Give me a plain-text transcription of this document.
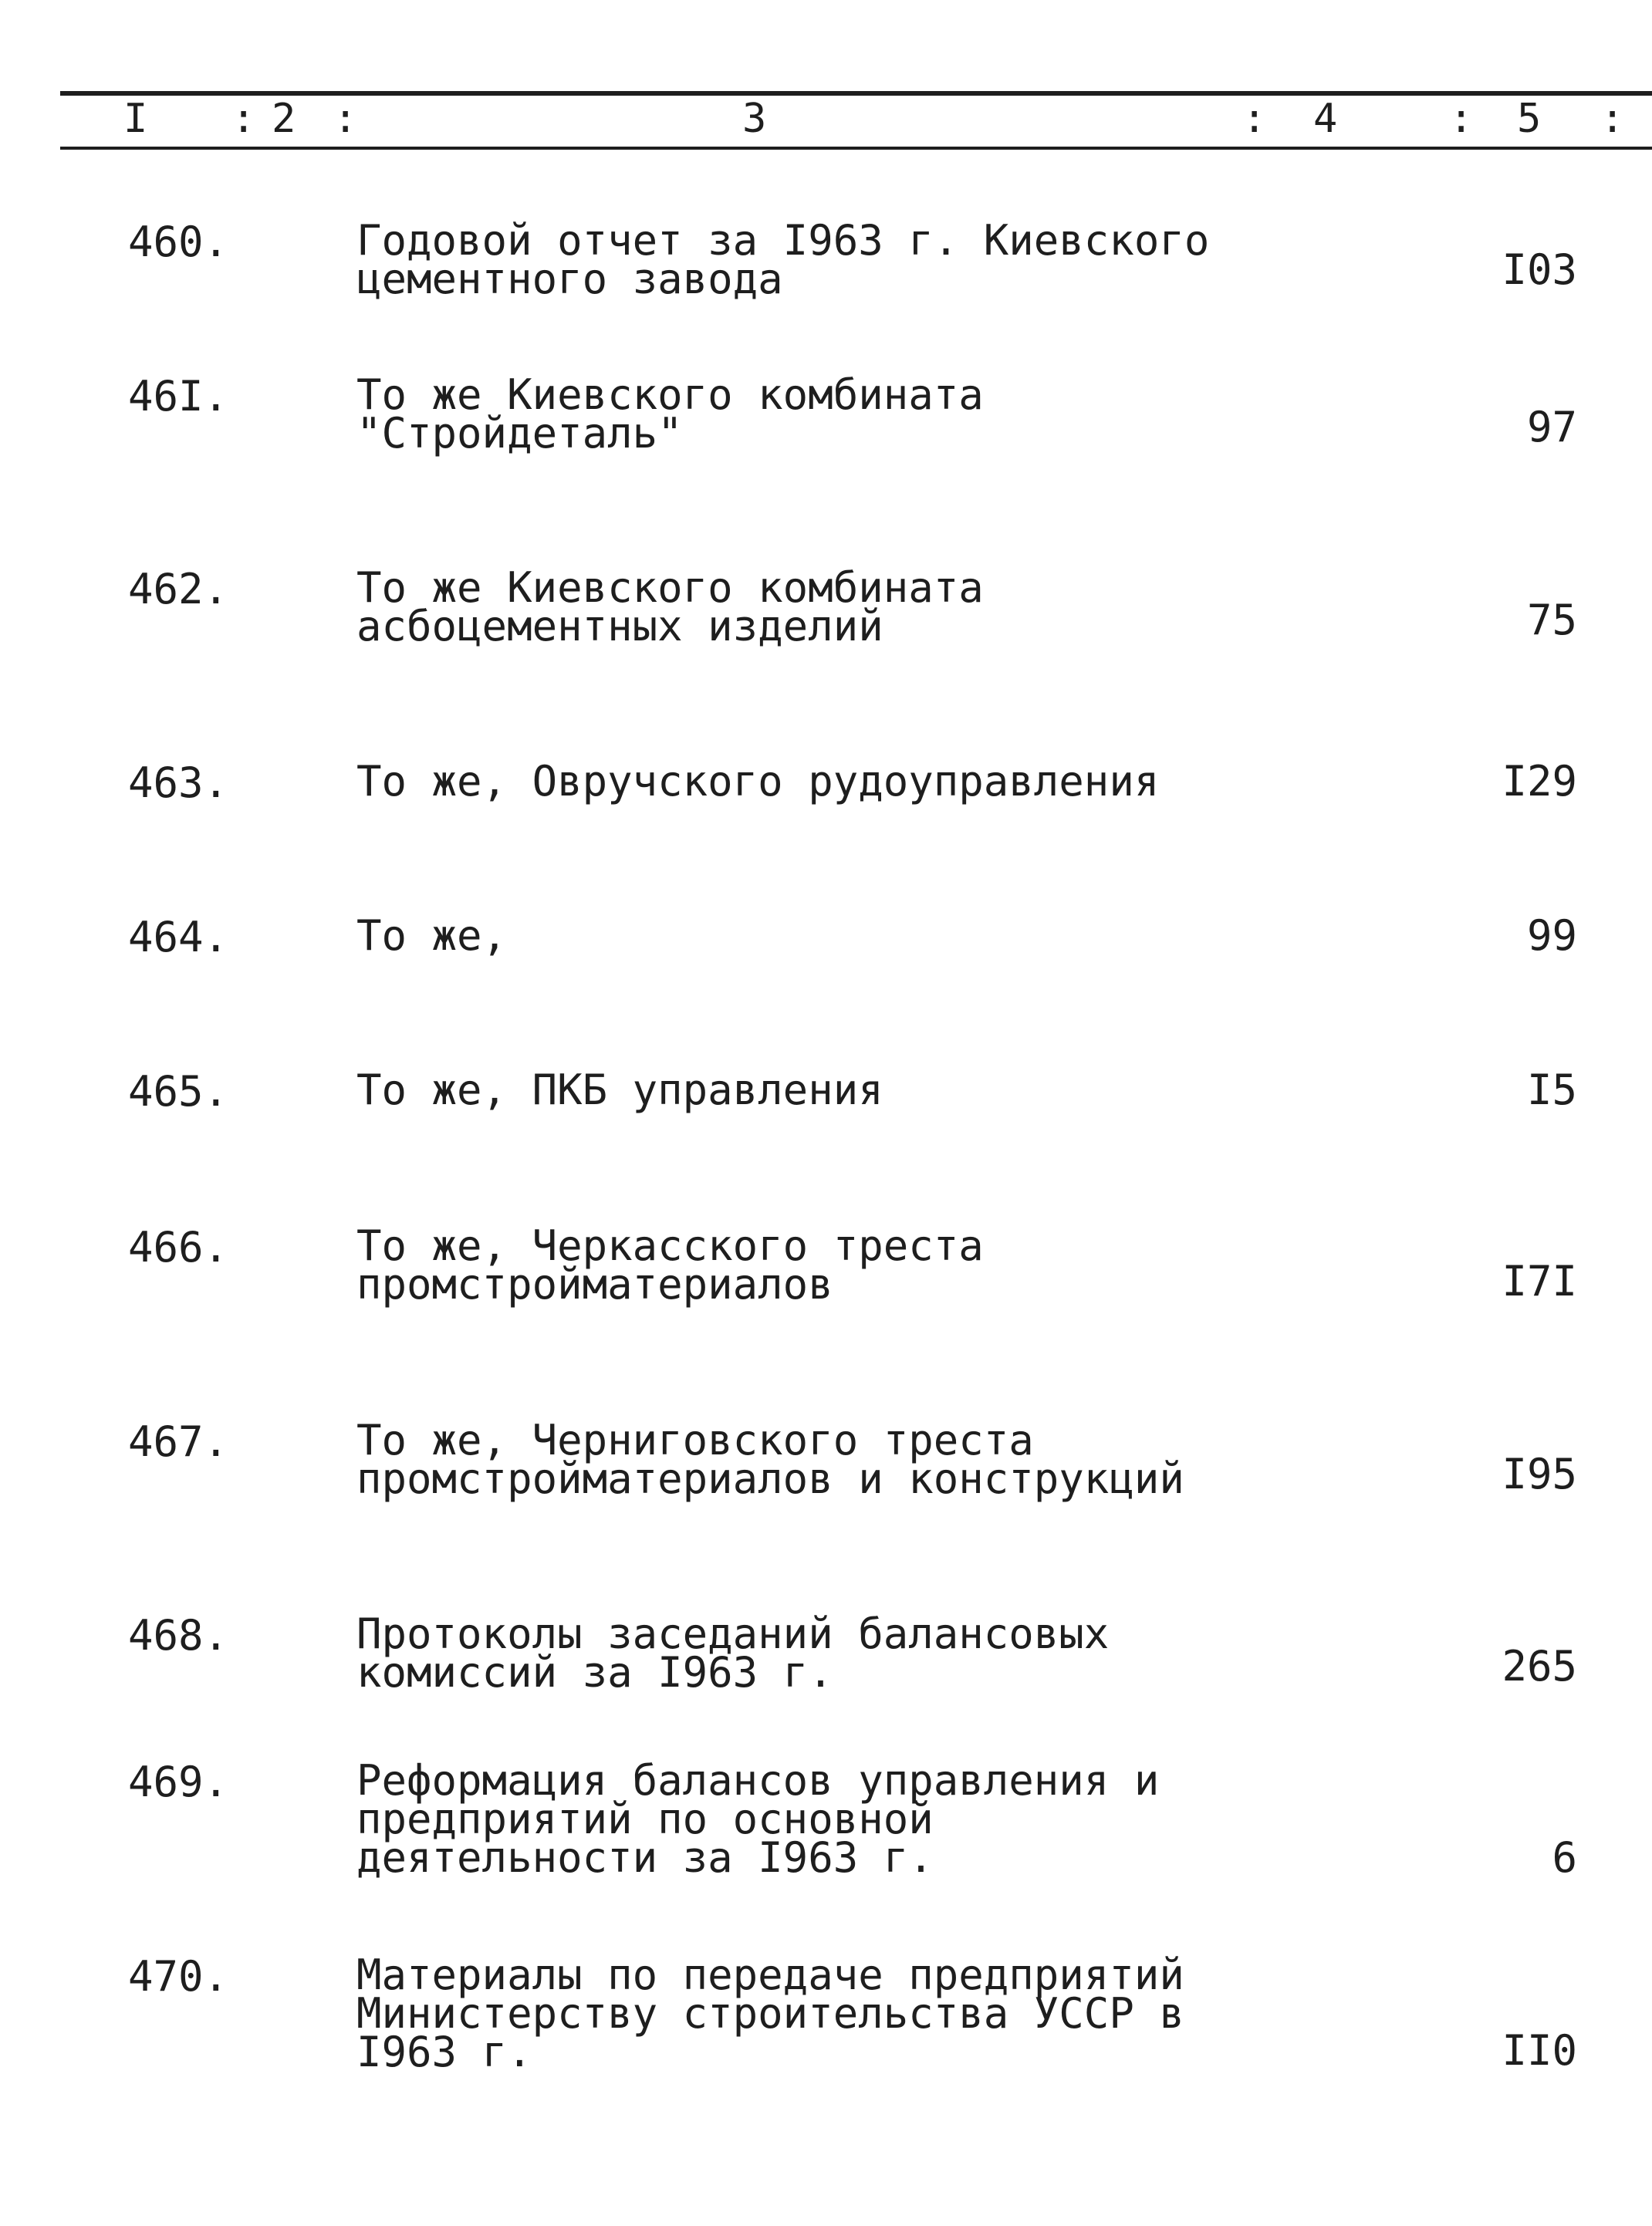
I : 2 :	3	: 4	: 5 :
460.	Годовой отчет за I963 г. Киевского цементного завода	I03
46I.	То же Киевского комбината "Стройдеталь"	97
462.	То же Киевского комбината асбоцементных изделий	75
463.	То же, Овручского рудоуправления	I29
464.	То же,	99
465.	То же, ПКБ управления	I5
466.	То же, Черкасского треста промстройматериалов	I7I
467.	То же, Черниговского треста промстройматериалов и конструкций	I95
468.	Протоколы заседаний балансовых комиссий за I963 г.	265
469.	Реформация балансов управления и предприятий по основной деятельности за I963 г.	6
470.	Материалы по передаче предприятий Министерству строительства УССР в I963 г.	II0
